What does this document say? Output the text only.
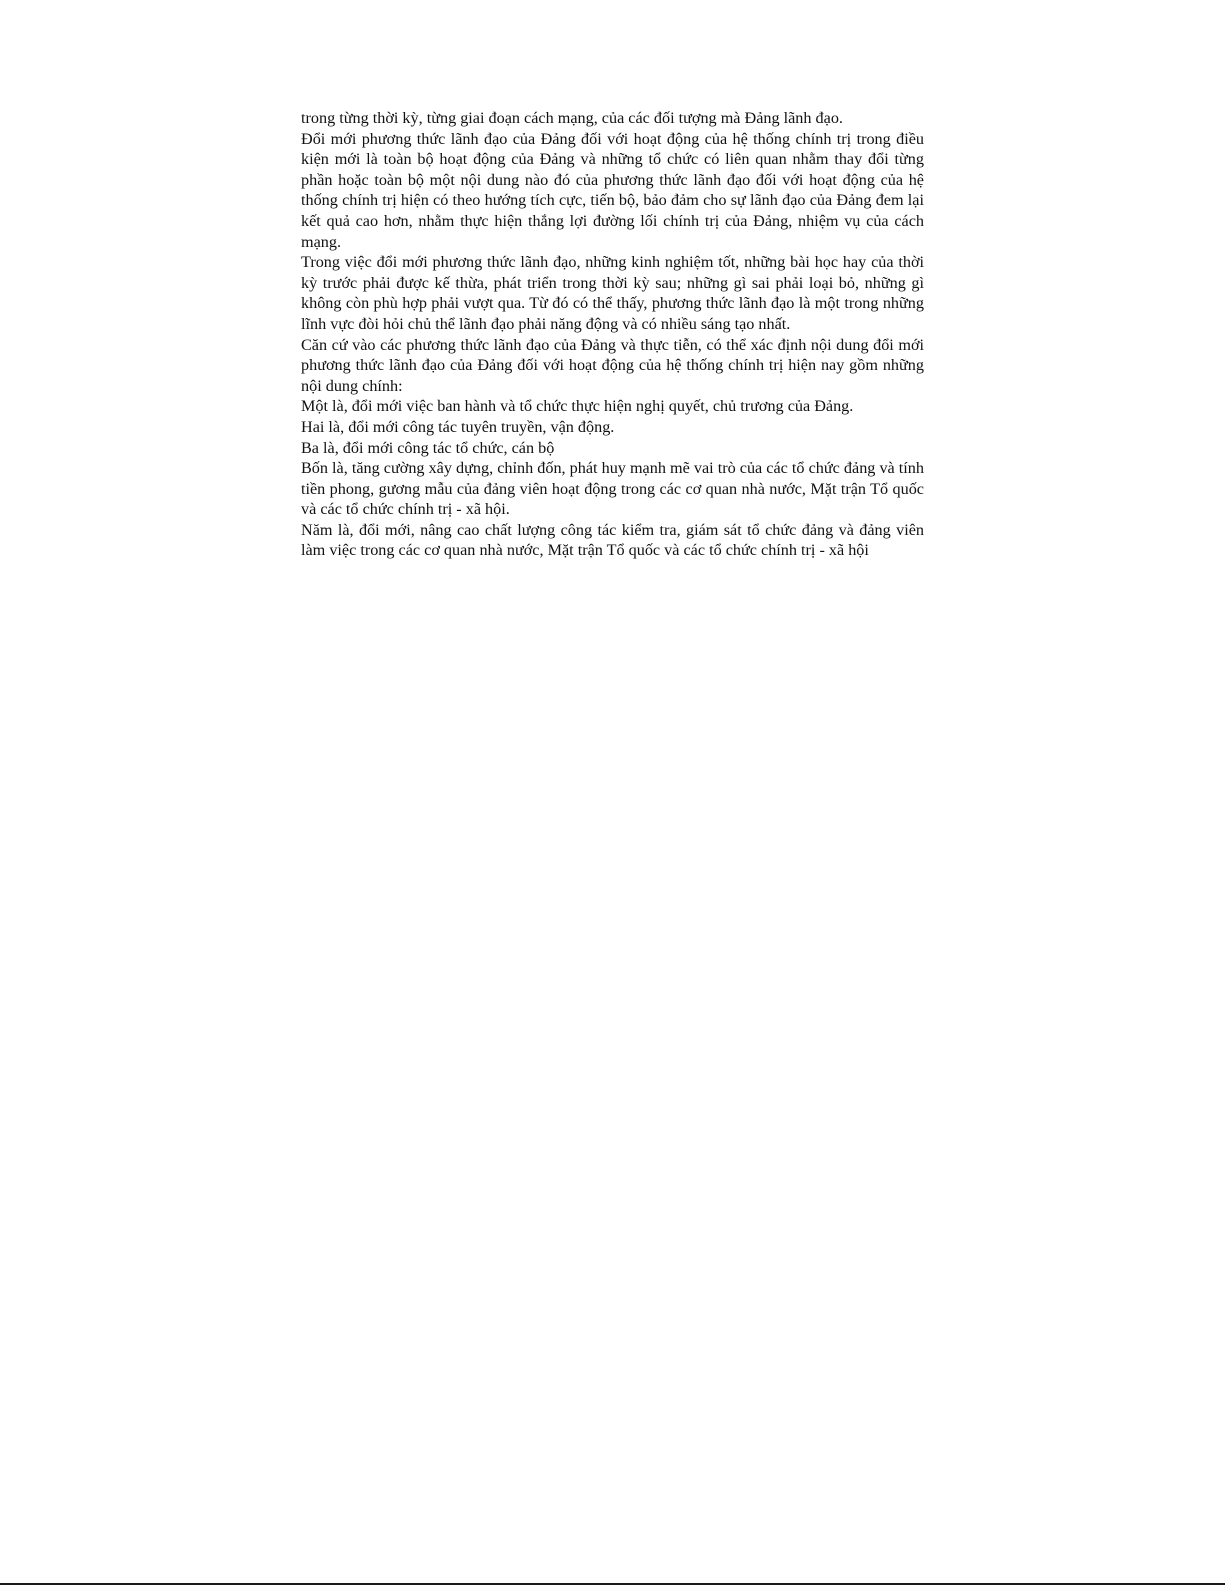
trong từng thời kỳ, từng giai đoạn cách mạng, của các đối tượng mà Đảng lãnh đạo.

Đổi mới phương thức lãnh đạo của Đảng đối với hoạt động của hệ thống chính trị trong điều kiện mới là toàn bộ hoạt động của Đảng và những tổ chức có liên quan nhằm thay đổi từng phần hoặc toàn bộ một nội dung nào đó của phương thức lãnh đạo đối với hoạt động của hệ thống chính trị hiện có theo hướng tích cực, tiến bộ, bảo đảm cho sự lãnh đạo của Đảng đem lại kết quả cao hơn, nhằm thực hiện thắng lợi đường lối chính trị của Đảng, nhiệm vụ của cách mạng.

Trong việc đổi mới phương thức lãnh đạo, những kinh nghiệm tốt, những bài học hay của thời kỳ trước phải được kế thừa, phát triển trong thời kỳ sau; những gì sai phải loại bỏ, những gì không còn phù hợp phải vượt qua. Từ đó có thể thấy, phương thức lãnh đạo là một trong những lĩnh vực đòi hỏi chủ thể lãnh đạo phải năng động và có nhiều sáng tạo nhất.

Căn cứ vào các phương thức lãnh đạo của Đảng và thực tiễn, có thể xác định nội dung đổi mới phương thức lãnh đạo của Đảng đối với hoạt động của hệ thống chính trị hiện nay gồm những nội dung chính:

Một là, đổi mới việc ban hành và tổ chức thực hiện nghị quyết, chủ trương của Đảng.

Hai là, đổi mới công tác tuyên truyền, vận động.

Ba là, đổi mới công tác tổ chức, cán bộ

Bốn là, tăng cường xây dựng, chỉnh đốn, phát huy mạnh mẽ vai trò của các tổ chức đảng và tính tiền phong, gương mẫu của đảng viên hoạt động trong các cơ quan nhà nước, Mặt trận Tổ quốc và các tổ chức chính trị - xã hội.

Năm là, đổi mới, nâng cao chất lượng công tác kiểm tra, giám sát tổ chức đảng và đảng viên làm việc trong các cơ quan nhà nước, Mặt trận Tổ quốc và các tổ chức chính trị - xã hội
